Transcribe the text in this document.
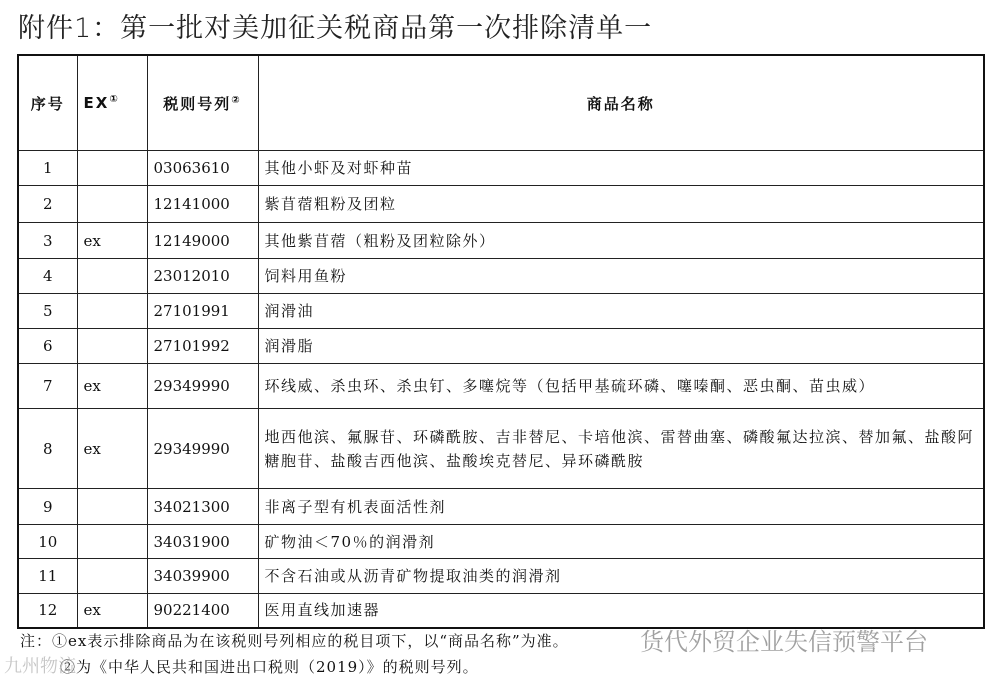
附件1：第一批对美加征关税商品第一次排除清单一
序号	EX①	税则号列②	商品名称
1		03063610	其他小虾及对虾种苗
2		12141000	紫苜蓿粗粉及团粒
3	ex	12149000	其他紫苜蓿（粗粉及团粒除外）
4		23012010	饲料用鱼粉
5		27101991	润滑油
6		27101992	润滑脂
7	ex	29349990	环线威、杀虫环、杀虫钉、多噻烷等（包括甲基硫环磷、噻嗪酮、恶虫酮、苗虫威）
8	ex	29349990	地西他滨、氟脲苷、环磷酰胺、吉非替尼、卡培他滨、雷替曲塞、磷酸氟达拉滨、替加氟、盐酸阿糖胞苷、盐酸吉西他滨、盐酸埃克替尼、异环磷酰胺
9		34021300	非离子型有机表面活性剂
10		34031900	矿物油＜70％的润滑剂
11		34039900	不含石油或从沥青矿物提取油类的润滑剂
12	ex	90221400	医用直线加速器
注：①ex表示排除商品为在该税则号列相应的税目项下，以“商品名称”为准。
②为《中华人民共和国进出口税则（2019）》的税则号列。
货代外贸企业失信预警平台
九州物流
